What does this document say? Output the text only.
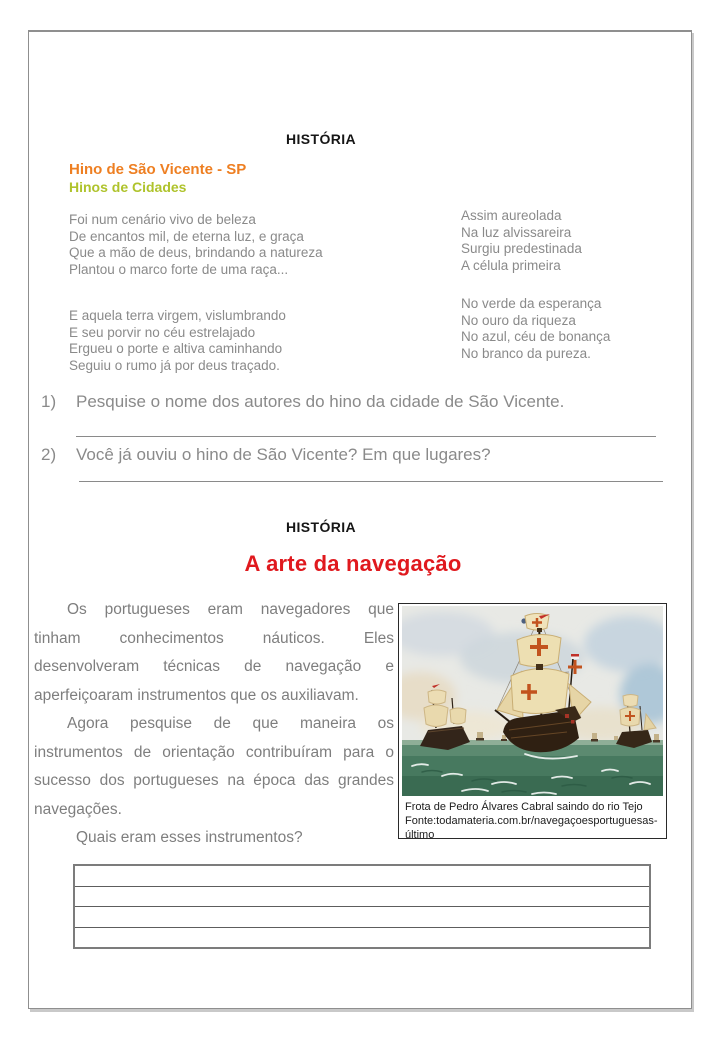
HISTÓRIA
Hino de São Vicente - SP
Hinos de Cidades
Foi num cenário vivo de beleza
De encantos mil, de eterna luz, e graça
Que a mão de deus, brindando a natureza
Plantou o marco forte de uma raça...
E aquela terra virgem, vislumbrando
E seu porvir no céu estrelajado
Ergueu o porte e altiva caminhando
Seguiu o rumo já por deus traçado.
Assim aureolada
Na luz alvissareira
Surgiu predestinada
A célula primeira
No verde da esperança
No ouro da riqueza
No azul, céu de bonança
No branco da pureza.
1) Pesquise o nome dos autores do hino da cidade de São Vicente.
2) Você já ouviu o hino de São Vicente? Em que lugares?
HISTÓRIA
A arte da navegação
Os portugueses eram navegadores que
tinham conhecimentos náuticos. Eles
desenvolveram técnicas de navegação e
aperfeiçoaram instrumentos que os auxiliavam.
Agora pesquise de que maneira os
instrumentos de orientação contribuíram para o
sucesso dos portugueses na época das grandes
navegações.
Quais eram esses instrumentos?
Frota de Pedro Álvares Cabral saindo do rio Tejo
Fonte:todamateria.com.br/navegaçoesportuguesas-último
